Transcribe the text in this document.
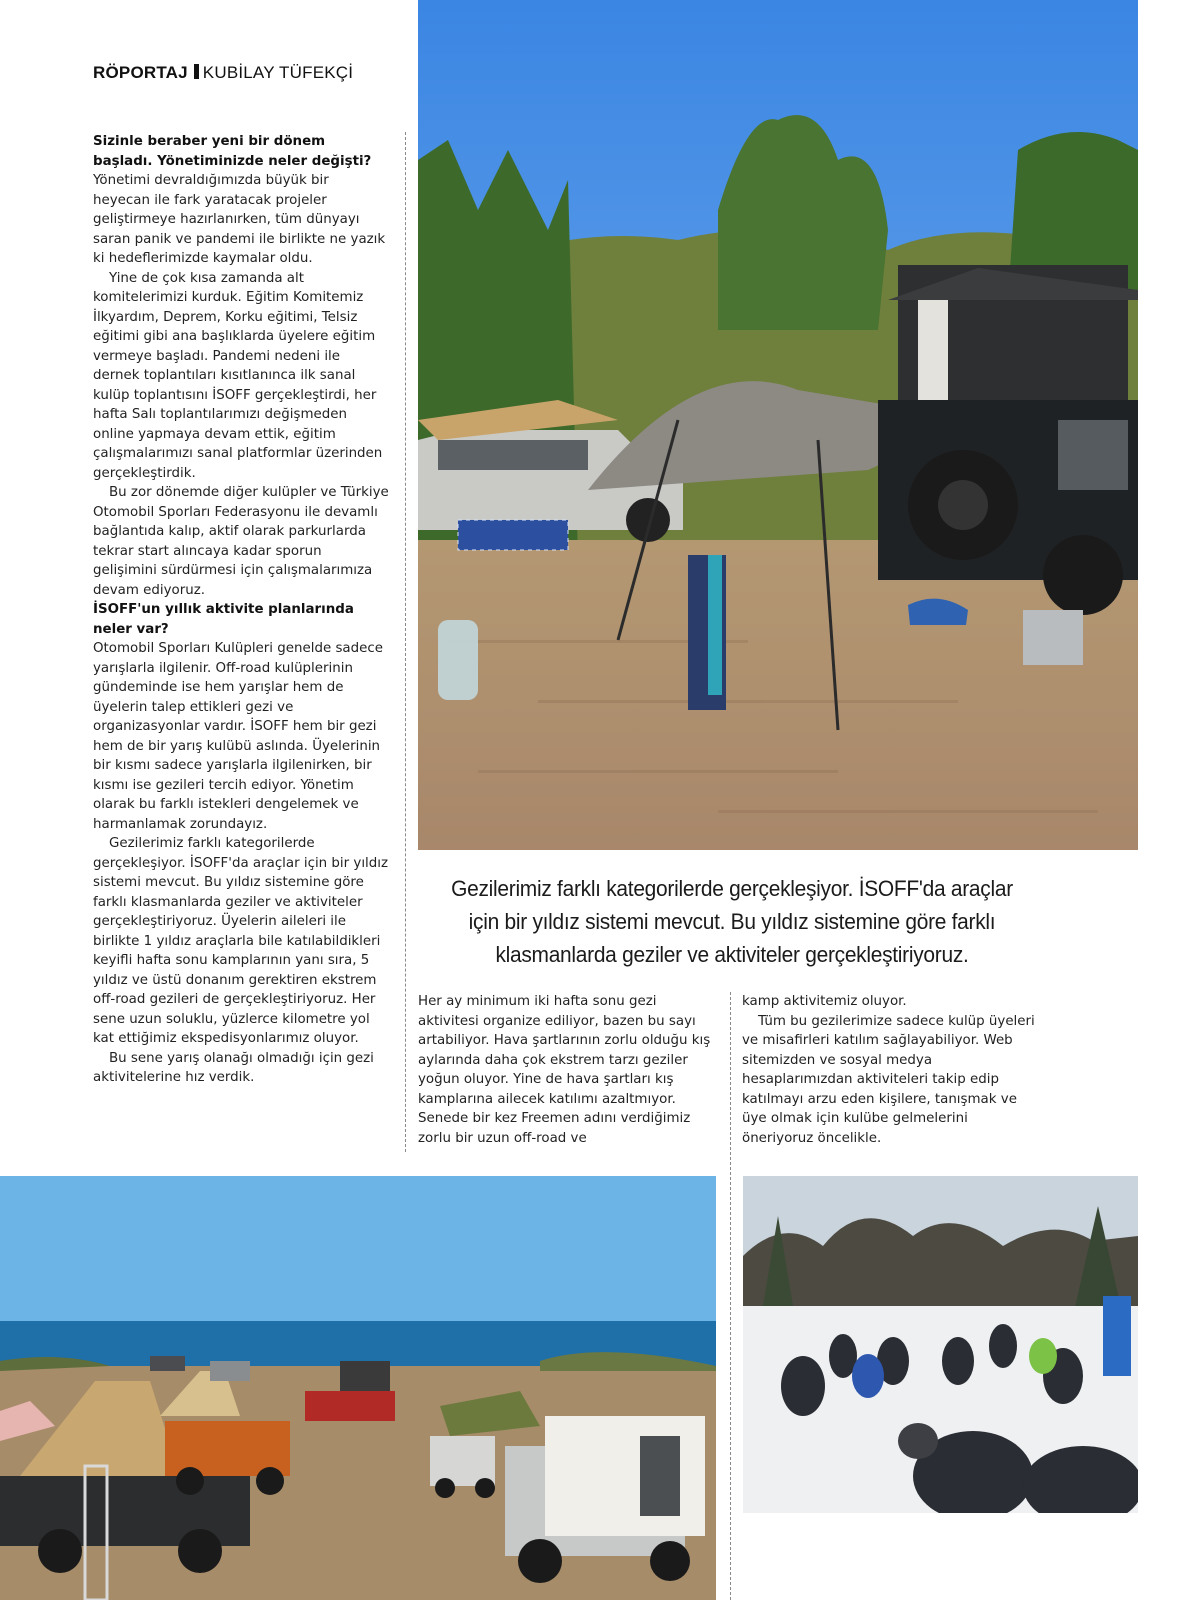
RÖPORTAJ KUBİLAY TÜFEKÇİ

Sizinle beraber yeni bir dönem başladı. Yönetiminizde neler değişti?

Yönetimi devraldığımızda büyük bir heyecan ile fark yaratacak projeler geliştirmeye hazırlanırken, tüm dünyayı saran panik ve pandemi ile birlikte ne yazık ki hedeflerimizde kaymalar oldu.

Yine de çok kısa zamanda alt komitelerimizi kurduk. Eğitim Komitemiz İlkyardım, Deprem, Korku eğitimi, Telsiz eğitimi gibi ana başlıklarda üyelere eğitim vermeye başladı. Pandemi nedeni ile dernek toplantıları kısıtlanınca ilk sanal kulüp toplantısını İSOFF gerçekleştirdi, her hafta Salı toplantılarımızı değişmeden online yapmaya devam ettik, eğitim çalışmalarımızı sanal platformlar üzerinden gerçekleştirdik.

Bu zor dönemde diğer kulüpler ve Türkiye Otomobil Sporları Federasyonu ile devamlı bağlantıda kalıp, aktif olarak parkurlarda tekrar start alıncaya kadar sporun gelişimini sürdürmesi için çalışmalarımıza devam ediyoruz.

İSOFF'un yıllık aktivite planlarında neler var?

Otomobil Sporları Kulüpleri genelde sadece yarışlarla ilgilenir. Off-road kulüplerinin gündeminde ise hem yarışlar hem de üyelerin talep ettikleri gezi ve organizasyonlar vardır. İSOFF hem bir gezi hem de bir yarış kulübü aslında. Üyelerinin bir kısmı sadece yarışlarla ilgilenirken, bir kısmı ise gezileri tercih ediyor. Yönetim olarak bu farklı istekleri dengelemek ve harmanlamak zorundayız.

Gezilerimiz farklı kategorilerde gerçekleşiyor. İSOFF'da araçlar için bir yıldız sistemi mevcut. Bu yıldız sistemine göre farklı klasmanlarda geziler ve aktiviteler gerçekleştiriyoruz. Üyelerin aileleri ile birlikte 1 yıldız araçlarla bile katılabildikleri keyifli hafta sonu kamplarının yanı sıra, 5 yıldız ve üstü donanım gerektiren ekstrem off-road gezileri de gerçekleştiriyoruz. Her sene uzun soluklu, yüzlerce kilometre yol kat ettiğimiz ekspedisyonlarımız oluyor.

Bu sene yarış olanağı olmadığı için gezi aktivitelerine hız verdik.

Gezilerimiz farklı kategorilerde gerçekleşiyor. İSOFF'da araçlar için bir yıldız sistemi mevcut. Bu yıldız sistemine göre farklı klasmanlarda geziler ve aktiviteler gerçekleştiriyoruz.

Her ay minimum iki hafta sonu gezi aktivitesi organize ediliyor, bazen bu sayı artabiliyor. Hava şartlarının zorlu olduğu kış aylarında daha çok ekstrem tarzı geziler yoğun oluyor. Yine de hava şartları kış kamplarına ailecek katılımı azaltmıyor. Senede bir kez Freemen adını verdiğimiz zorlu bir uzun off-road ve

kamp aktivitemiz oluyor.

Tüm bu gezilerimize sadece kulüp üyeleri ve misafirleri katılım sağlayabiliyor. Web sitemizden ve sosyal medya hesaplarımızdan aktiviteleri takip edip katılmayı arzu eden kişilere, tanışmak ve üye olmak için kulübe gelmelerini öneriyoruz öncelikle.
